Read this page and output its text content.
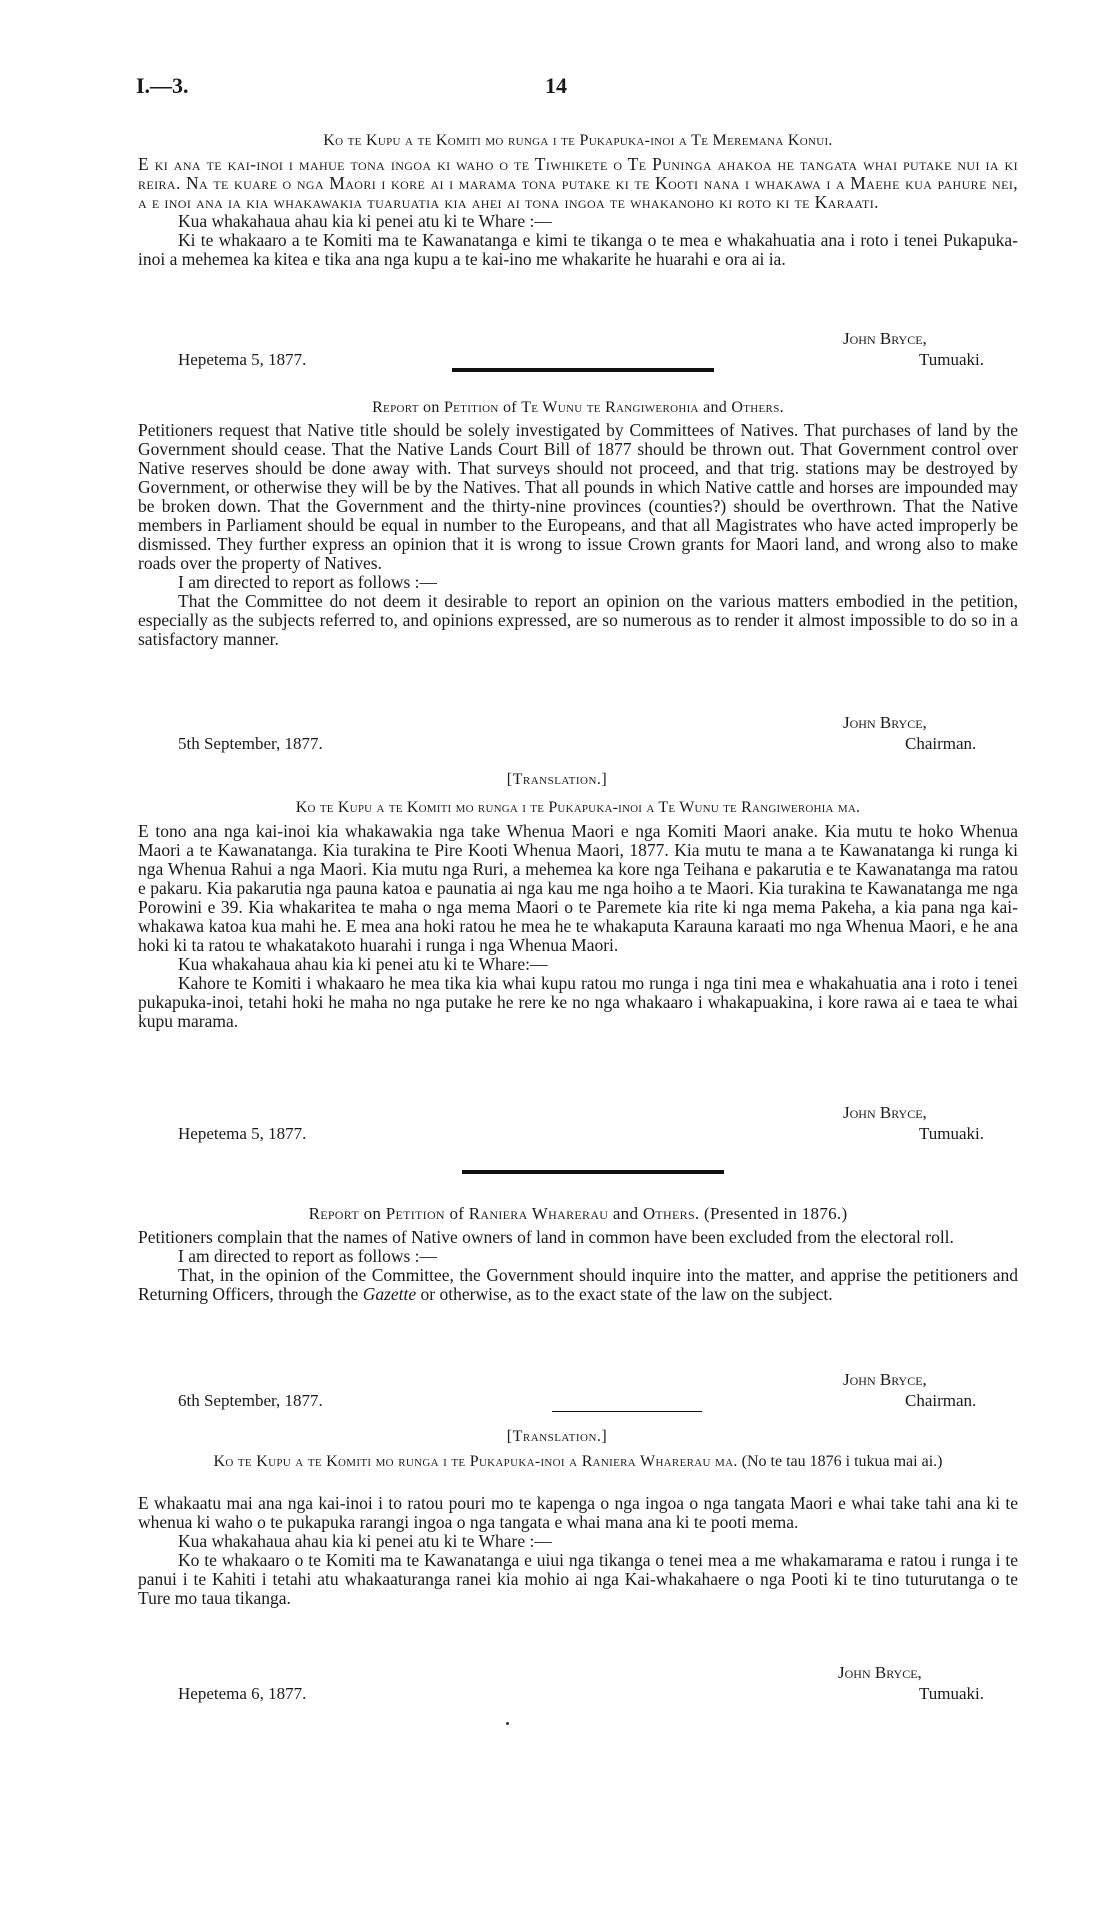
I.—3.	14
Ko te Kupu a te Komiti mo runga i te Pukapuka-inoi a Te Meremana Konui.

E ki ana te kai-inoi i mahue tona ingoa ki waho o te Tiwhikete o Te Puninga ahakoa he tangata whai putake nui ia ki reira. Na te kuare o nga Maori i kore ai i marama tona putake ki te Kooti nana i whakawa i a Maehe kua pahure nei, a e inoi ana ia kia whakawakia tuaruatia kia ahei ai tona ingoa te whakanoho ki roto ki te Karaati.

Kua whakahaua ahau kia ki penei atu ki te Whare :—

Ki te whakaaro a te Komiti ma te Kawanatanga e kimi te tikanga o te mea e whakahuatia ana i roto i tenei Pukapuka-inoi a mehemea ka kitea e tika ana nga kupu a te kai-ino me whakarite he huarahi e ora ai ia.

John Bryce,
Hepetema 5, 1877.	Tumuaki.
Report on Petition of Te Wunu te Rangiwerohia and Others.

Petitioners request that Native title should be solely investigated by Committees of Natives. That purchases of land by the Government should cease. That the Native Lands Court Bill of 1877 should be thrown out. That Government control over Native reserves should be done away with. That surveys should not proceed, and that trig. stations may be destroyed by Government, or otherwise they will be by the Natives. That all pounds in which Native cattle and horses are impounded may be broken down. That the Government and the thirty-nine provinces (counties?) should be overthrown. That the Native members in Parliament should be equal in number to the Europeans, and that all Magistrates who have acted improperly be dismissed. They further express an opinion that it is wrong to issue Crown grants for Maori land, and wrong also to make roads over the property of Natives.

I am directed to report as follows :—

That the Committee do not deem it desirable to report an opinion on the various matters embodied in the petition, especially as the subjects referred to, and opinions expressed, are so numerous as to render it almost impossible to do so in a satisfactory manner.

John Bryce,
5th September, 1877.	Chairman.
[Translation.]
Ko te Kupu a te Komiti mo runga i te Pukapuka-inoi a Te Wunu te Rangiwerohia ma.

E tono ana nga kai-inoi kia whakawakia nga take Whenua Maori e nga Komiti Maori anake. Kia mutu te hoko Whenua Maori a te Kawanatanga. Kia turakina te Pire Kooti Whenua Maori, 1877. Kia mutu te mana a te Kawanatanga ki runga ki nga Whenua Rahui a nga Maori. Kia mutu nga Ruri, a mehemea ka kore nga Teihana e pakarutia e te Kawanatanga ma ratou e pakaru. Kia pakarutia nga pauna katoa e paunatia ai nga kau me nga hoiho a te Maori. Kia turakina te Kawanatanga me nga Porowini e 39. Kia whakaritea te maha o nga mema Maori o te Paremete kia rite ki nga mema Pakeha, a kia pana nga kai-whakawa katoa kua mahi he. E mea ana hoki ratou he mea he te whakaputa Karauna karaati mo nga Whenua Maori, e he ana hoki ki ta ratou te whakatakoto huarahi i runga i nga Whenua Maori.

Kua whakahaua ahau kia ki penei atu ki te Whare:—

Kahore te Komiti i whakaaro he mea tika kia whai kupu ratou mo runga i nga tini mea e whakahuatia ana i roto i tenei pukapuka-inoi, tetahi hoki he maha no nga putake he rere ke no nga whakaaro i whakapuakina, i kore rawa ai e taea te whai kupu marama.

John Bryce,
Hepetema 5, 1877.	Tumuaki.
Report on Petition of Raniera Wharerau and Others. (Presented in 1876.)

Petitioners complain that the names of Native owners of land in common have been excluded from the electoral roll.

I am directed to report as follows :—

That, in the opinion of the Committee, the Government should inquire into the matter, and apprise the petitioners and Returning Officers, through the Gazette or otherwise, as to the exact state of the law on the subject.

John Bryce,
6th September, 1877.	Chairman.
[Translation.]
Ko te Kupu a te Komiti mo runga i te Pukapuka-inoi a Raniera Wharerau ma. (No te tau 1876 i tukua mai ai.)

E whakaatu mai ana nga kai-inoi i to ratou pouri mo te kapenga o nga ingoa o nga tangata Maori e whai take tahi ana ki te whenua ki waho o te pukapuka rarangi ingoa o nga tangata e whai mana ana ki te pooti mema.

Kua whakahaua ahau kia ki penei atu ki te Whare :—

Ko te whakaaro o te Komiti ma te Kawanatanga e uiui nga tikanga o tenei mea a me whakamarama e ratou i runga i te panui i te Kahiti i tetahi atu whakaaturanga ranei kia mohio ai nga Kai-whakahaere o nga Pooti ki te tino tuturutanga o te Ture mo taua tikanga.

John Bryce,
Hepetema 6, 1877.	Tumuaki.
